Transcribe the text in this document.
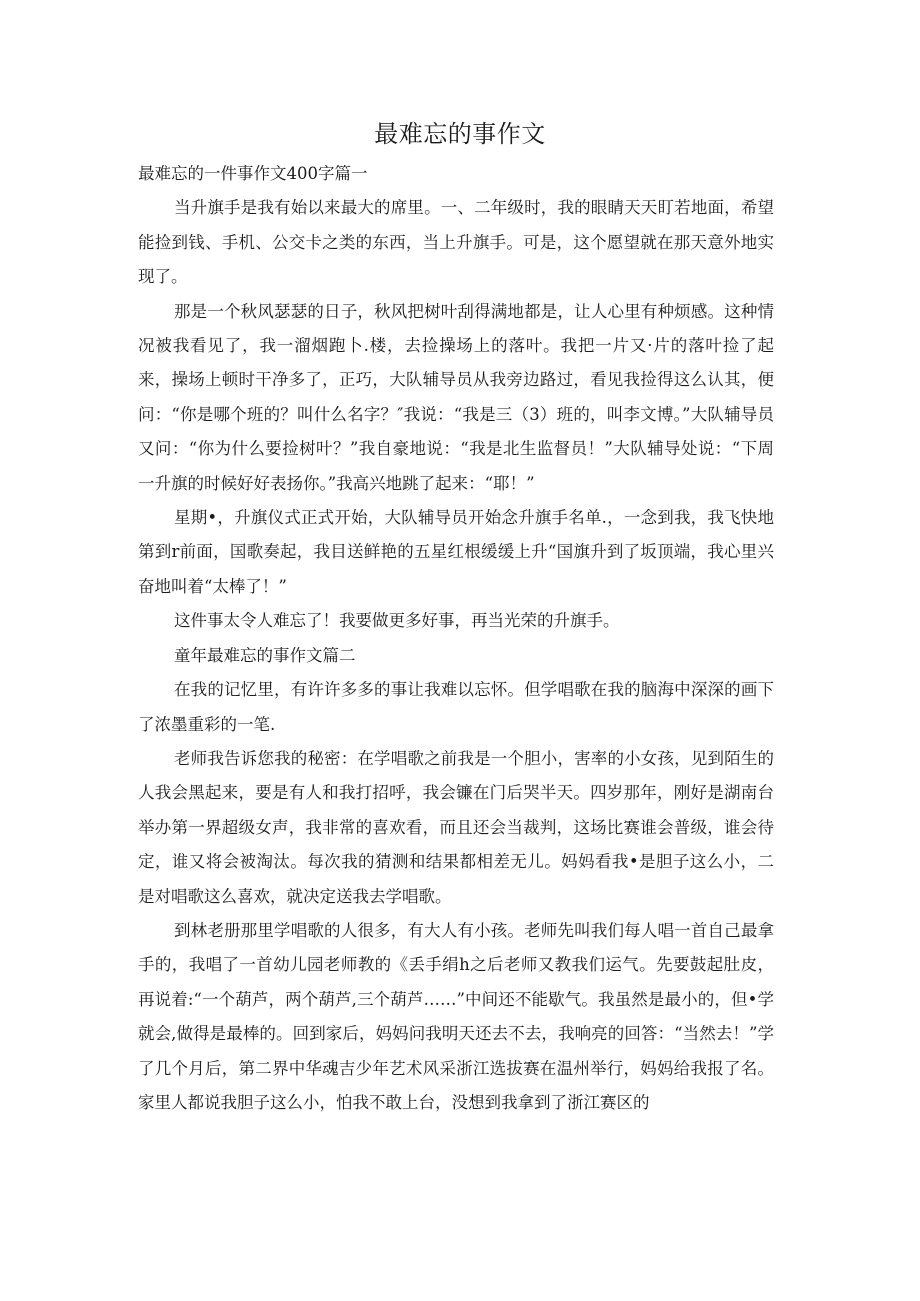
最难忘的事作文

最难忘的一件事作文400字篇一

当升旗手是我有始以来最大的席里。一、二年级时，我的眼睛天天盯若地面，希望能捡到钱、手机、公交卡之类的东西，当上升旗手。可是，这个愿望就在那天意外地实现了。

那是一个秋风瑟瑟的日子，秋风把树叶刮得满地都是，让人心里有种烦感。这种情况被我看见了，我一溜烟跑卜.楼，去捡操场上的落叶。我把一片又·片的落叶捡了起来，操场上顿时干净多了，正巧，大队辅导员从我旁边路过，看见我捡得这么认其，便问：“你是哪个班的？叫什么名字？″我说：“我是三（3）班的，叫李文博。”大队辅导员又问：“你为什么要捡树叶？”我自豪地说：“我是北生监督员！”大队辅导处说：“下周一升旗的时候好好表扬你。”我高兴地跳了起来：“耶！”

星期•，升旗仪式正式开始，大队辅导员开始念升旗手名单.，一念到我，我飞快地第到r前面，国歌奏起，我目送鲜艳的五星红根缓缓上升“国旗升到了坂顶端，我心里兴奋地叫着“太棒了！”

这件事太令人难忘了！我要做更多好事，再当光荣的升旗手。

童年最难忘的事作文篇二

在我的记忆里，有许许多多的事让我难以忘怀。但学唱歌在我的脑海中深深的画下了浓墨重彩的一笔.

老师我告诉您我的秘密：在学唱歌之前我是一个胆小，害率的小女孩，见到陌生的人我会黑起来，要是有人和我打招呼，我会镰在门后哭半天。四岁那年，刚好是湖南台举办第一界超级女声，我非常的喜欢看，而且还会当裁判，这场比赛谁会普级，谁会待定，谁又将会被淘汰。每次我的猜测和结果都相差无儿。妈妈看我•是胆子这么小，二是对唱歌这么喜欢，就决定送我去学唱歌。

到林老册那里学唱歌的人很多，有大人有小孩。老师先叫我们每人唱一首自己最拿手的，我唱了一首幼儿园老师教的《丢手绢h之后老师又教我们运气。先要鼓起肚皮，再说着:“一个葫芦，两个葫芦,三个葫芦……”中间还不能歇气。我虽然是最小的，但•学就会,做得是最棒的。回到家后，妈妈问我明天还去不去，我响亮的回答：“当然去！”学了几个月后，第二界中华魂吉少年艺术风采浙江选拔赛在温州举行，妈妈给我报了名。家里人都说我胆子这么小，怕我不敢上台，没想到我拿到了浙江赛区的
